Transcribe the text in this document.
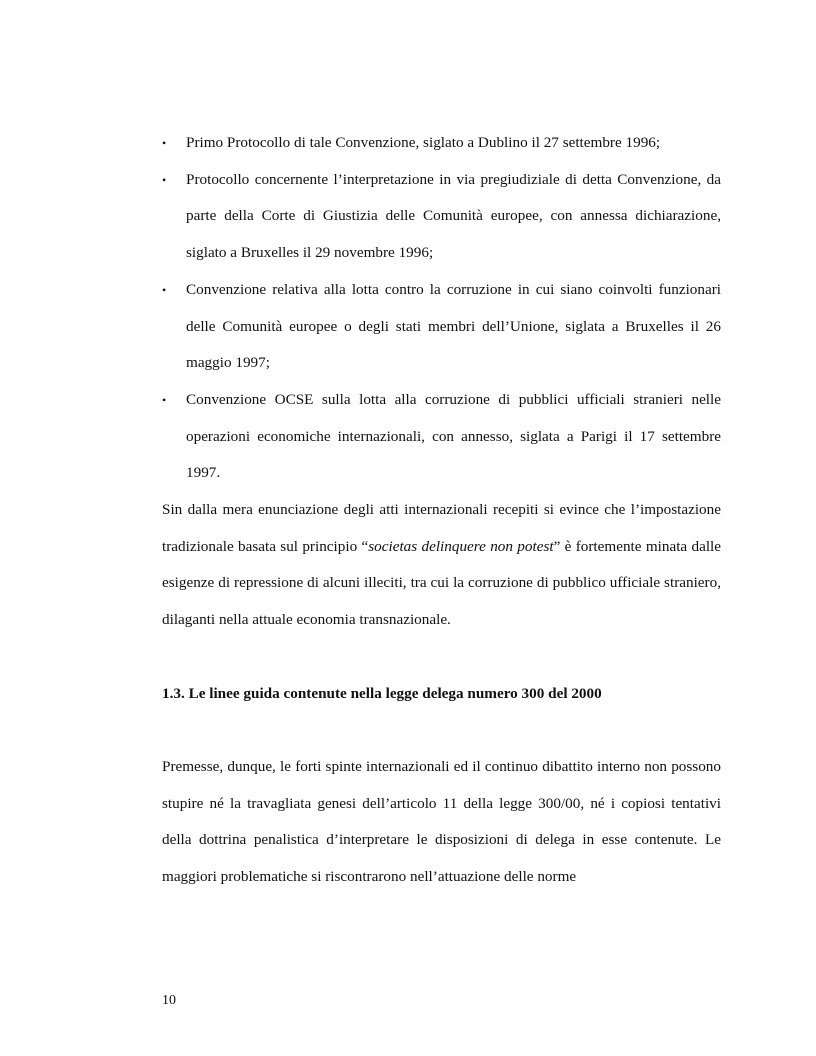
•	Primo Protocollo di tale Convenzione, siglato a Dublino il 27 settembre 1996;
•	Protocollo concernente l’interpretazione in via pregiudiziale di detta Convenzione, da parte della Corte di Giustizia delle Comunità europee, con annessa dichiarazione, siglato a Bruxelles il 29 novembre 1996;
•	Convenzione relativa alla lotta contro la corruzione in cui siano coinvolti funzionari delle Comunità europee o degli stati membri dell’Unione, siglata a Bruxelles il 26 maggio 1997;
•	Convenzione OCSE sulla lotta alla corruzione di pubblici ufficiali stranieri nelle operazioni economiche internazionali, con annesso, siglata a Parigi il 17 settembre 1997.

Sin dalla mera enunciazione degli atti internazionali recepiti si evince che l’impostazione tradizionale basata sul principio “societas delinquere non potest” è fortemente minata dalle esigenze di repressione di alcuni illeciti, tra cui la corruzione di pubblico ufficiale straniero, dilaganti nella attuale economia transnazionale.

1.3. Le linee guida contenute nella legge delega numero 300 del 2000

Premesse, dunque, le forti spinte internazionali ed il continuo dibattito interno non possono stupire né la travagliata genesi dell’articolo 11 della legge 300/00, né i copiosi tentativi della dottrina penalistica d’interpretare le disposizioni di delega in esse contenute. Le maggiori problematiche si riscontrarono nell’attuazione delle norme

10
